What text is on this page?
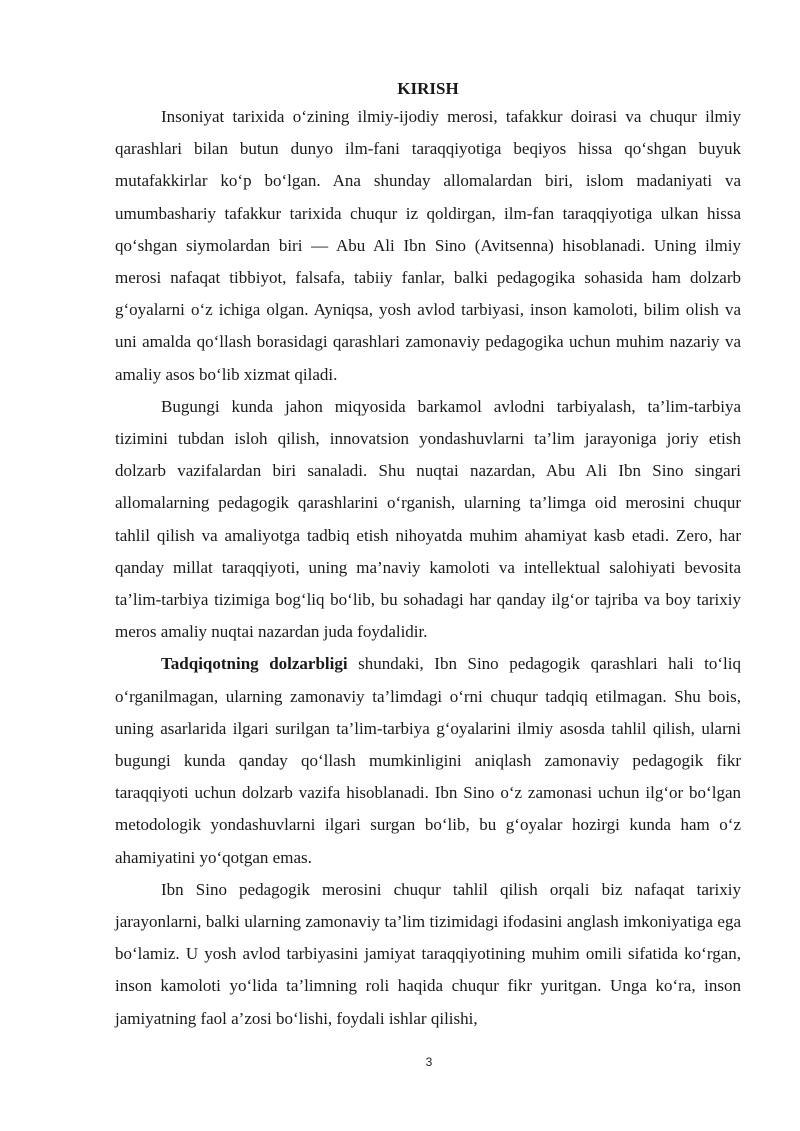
KIRISH

Insoniyat tarixida o‘zining ilmiy-ijodiy merosi, tafakkur doirasi va chuqur ilmiy qarashlari bilan butun dunyo ilm-fani taraqqiyotiga beqiyos hissa qo‘shgan buyuk mutafakkirlar ko‘p bo‘lgan. Ana shunday allomalardan biri, islom madaniyati va umumbashariy tafakkur tarixida chuqur iz qoldirgan, ilm-fan taraqqiyotiga ulkan hissa qo‘shgan siymolardan biri — Abu Ali Ibn Sino (Avitsenna) hisoblanadi. Uning ilmiy merosi nafaqat tibbiyot, falsafa, tabiiy fanlar, balki pedagogika sohasida ham dolzarb g‘oyalarni o‘z ichiga olgan. Ayniqsa, yosh avlod tarbiyasi, inson kamoloti, bilim olish va uni amalda qo‘llash borasidagi qarashlari zamonaviy pedagogika uchun muhim nazariy va amaliy asos bo‘lib xizmat qiladi.

Bugungi kunda jahon miqyosida barkamol avlodni tarbiyalash, ta’lim-tarbiya tizimini tubdan isloh qilish, innovatsion yondashuvlarni ta’lim jarayoniga joriy etish dolzarb vazifalardan biri sanaladi. Shu nuqtai nazardan, Abu Ali Ibn Sino singari allomalarning pedagogik qarashlarini o‘rganish, ularning ta’limga oid merosini chuqur tahlil qilish va amaliyotga tadbiq etish nihoyatda muhim ahamiyat kasb etadi. Zero, har qanday millat taraqqiyoti, uning ma’naviy kamoloti va intellektual salohiyati bevosita ta’lim-tarbiya tizimiga bog‘liq bo‘lib, bu sohadagi har qanday ilg‘or tajriba va boy tarixiy meros amaliy nuqtai nazardan juda foydalidir.

Tadqiqotning dolzarbligi shundaki, Ibn Sino pedagogik qarashlari hali to‘liq o‘rganilmagan, ularning zamonaviy ta’limdagi o‘rni chuqur tadqiq etilmagan. Shu bois, uning asarlarida ilgari surilgan ta’lim-tarbiya g‘oyalarini ilmiy asosda tahlil qilish, ularni bugungi kunda qanday qo‘llash mumkinligini aniqlash zamonaviy pedagogik fikr taraqqiyoti uchun dolzarb vazifa hisoblanadi. Ibn Sino o‘z zamonasi uchun ilg‘or bo‘lgan metodologik yondashuvlarni ilgari surgan bo‘lib, bu g‘oyalar hozirgi kunda ham o‘z ahamiyatini yo‘qotgan emas.

Ibn Sino pedagogik merosini chuqur tahlil qilish orqali biz nafaqat tarixiy jarayonlarni, balki ularning zamonaviy ta’lim tizimidagi ifodasini anglash imkoniyatiga ega bo‘lamiz. U yosh avlod tarbiyasini jamiyat taraqqiyotining muhim omili sifatida ko‘rgan, inson kamoloti yo‘lida ta’limning roli haqida chuqur fikr yuritgan. Unga ko‘ra, inson jamiyatning faol a’zosi bo‘lishi, foydali ishlar qilishi,

3
